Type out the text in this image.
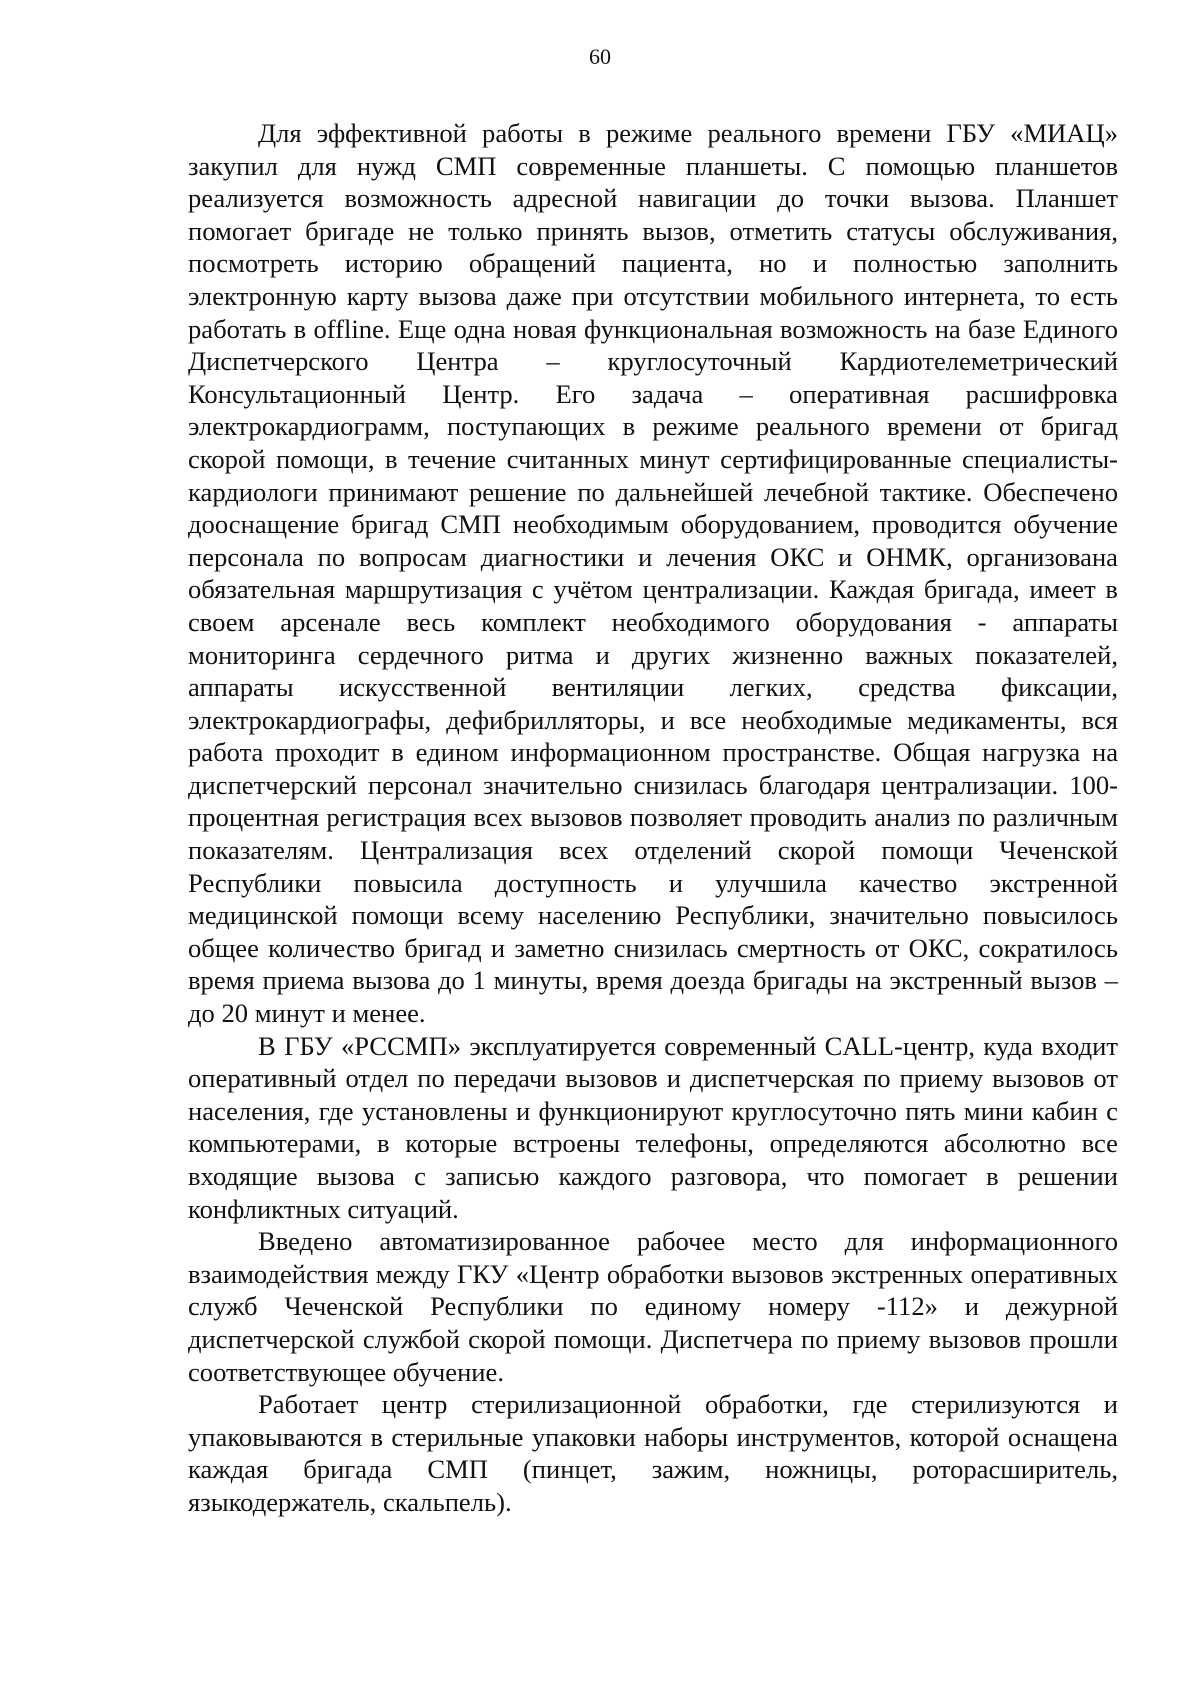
60

Для эффективной работы в режиме реального времени ГБУ «МИАЦ» закупил для нужд СМП современные планшеты. С помощью планшетов реализуется возможность адресной навигации до точки вызова. Планшет помогает бригаде не только принять вызов, отметить статусы обслуживания, посмотреть историю обращений пациента, но и полностью заполнить электронную карту вызова даже при отсутствии мобильного интернета, то есть работать в offline. Еще одна новая функциональная возможность на базе Единого Диспетчерского Центра – круглосуточный Кардиотелеметрический Консультационный Центр. Его задача – оперативная расшифровка электрокардиограмм, поступающих в режиме реального времени от бригад скорой помощи, в течение считанных минут сертифицированные специалисты-кардиологи принимают решение по дальнейшей лечебной тактике. Обеспечено дооснащение бригад СМП необходимым оборудованием, проводится обучение персонала по вопросам диагностики и лечения ОКС и ОНМК, организована обязательная маршрутизация с учётом централизации. Каждая бригада, имеет в своем арсенале весь комплект необходимого оборудования - аппараты мониторинга сердечного ритма и других жизненно важных показателей, аппараты искусственной вентиляции легких, средства фиксации, электрокардиографы, дефибрилляторы, и все необходимые медикаменты, вся работа проходит в едином информационном пространстве. Общая нагрузка на диспетчерский персонал значительно снизилась благодаря централизации. 100-процентная регистрация всех вызовов позволяет проводить анализ по различным показателям. Централизация всех отделений скорой помощи Чеченской Республики повысила доступность и улучшила качество экстренной медицинской помощи всему населению Республики, значительно повысилось общее количество бригад и заметно снизилась смертность от ОКС, сократилось время приема вызова до 1 минуты, время доезда бригады на экстренный вызов – до 20 минут и менее.

В ГБУ «РССМП» эксплуатируется современный CALL-центр, куда входит оперативный отдел по передачи вызовов и диспетчерская по приему вызовов от населения, где установлены и функционируют круглосуточно пять мини кабин с компьютерами, в которые встроены телефоны, определяются абсолютно все входящие вызова с записью каждого разговора, что помогает в решении конфликтных ситуаций.

Введено автоматизированное рабочее место для информационного взаимодействия между ГКУ «Центр обработки вызовов экстренных оперативных служб Чеченской Республики по единому номеру -112» и дежурной диспетчерской службой скорой помощи. Диспетчера по приему вызовов прошли соответствующее обучение.

Работает центр стерилизационной обработки, где стерилизуются и упаковываются в стерильные упаковки наборы инструментов, которой оснащена каждая бригада СМП (пинцет, зажим, ножницы, роторасширитель, языкодержатель, скальпель).
